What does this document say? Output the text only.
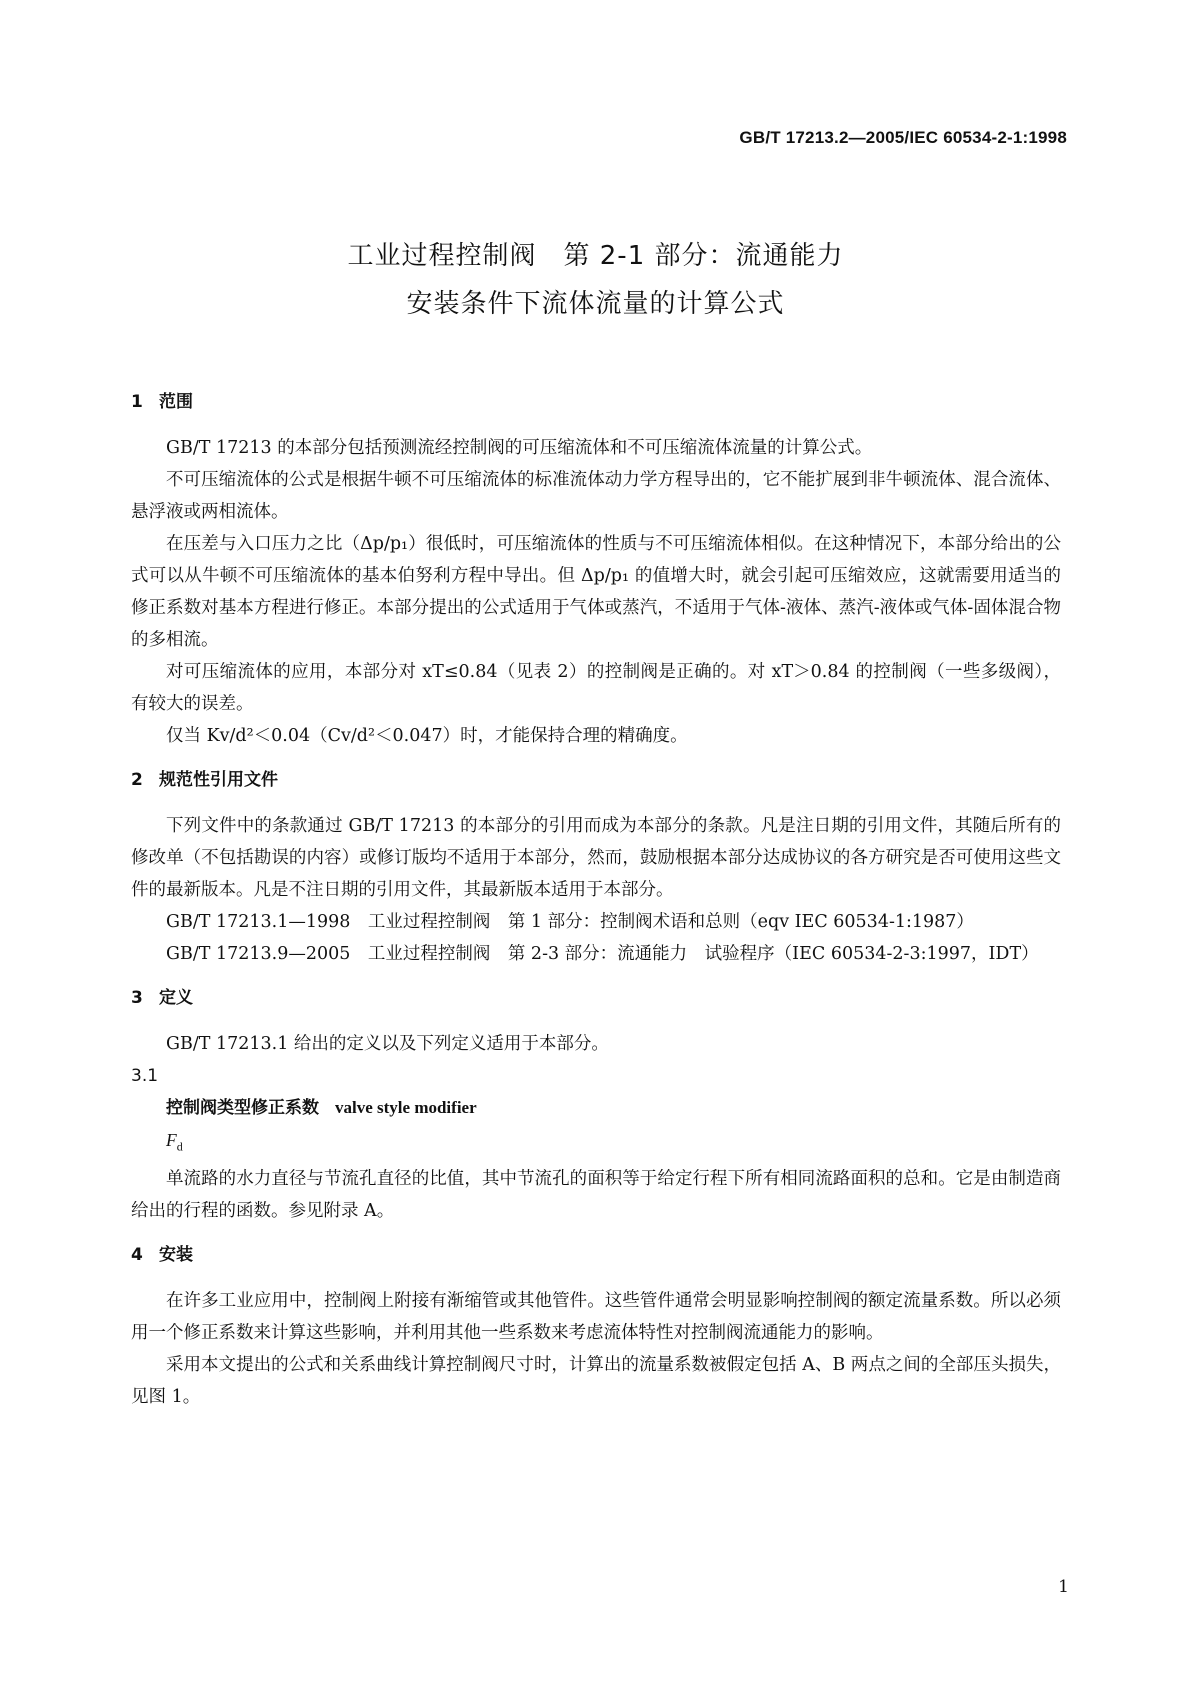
GB/T 17213.2—2005/IEC 60534-2-1:1998
工业过程控制阀　第 2-1 部分：流通能力
安装条件下流体流量的计算公式
1 范围

GB/T 17213 的本部分包括预测流经控制阀的可压缩流体和不可压缩流体流量的计算公式。

不可压缩流体的公式是根据牛顿不可压缩流体的标准流体动力学方程导出的，它不能扩展到非牛顿流体、混合流体、悬浮液或两相流体。

在压差与入口压力之比（Δp/p₁）很低时，可压缩流体的性质与不可压缩流体相似。在这种情况下，本部分给出的公式可以从牛顿不可压缩流体的基本伯努利方程中导出。但 Δp/p₁ 的值增大时，就会引起可压缩效应，这就需要用适当的修正系数对基本方程进行修正。本部分提出的公式适用于气体或蒸汽，不适用于气体-液体、蒸汽-液体或气体-固体混合物的多相流。

对可压缩流体的应用，本部分对 xT≤0.84（见表 2）的控制阀是正确的。对 xT＞0.84 的控制阀（一些多级阀），有较大的误差。

仅当 Kv/d²＜0.04（Cv/d²＜0.047）时，才能保持合理的精确度。

2 规范性引用文件

下列文件中的条款通过 GB/T 17213 的本部分的引用而成为本部分的条款。凡是注日期的引用文件，其随后所有的修改单（不包括勘误的内容）或修订版均不适用于本部分，然而，鼓励根据本部分达成协议的各方研究是否可使用这些文件的最新版本。凡是不注日期的引用文件，其最新版本适用于本部分。

GB/T 17213.1—1998　工业过程控制阀　第 1 部分：控制阀术语和总则（eqv IEC 60534-1:1987）

GB/T 17213.9—2005　工业过程控制阀　第 2-3 部分：流通能力　试验程序（IEC 60534-2-3:1997，IDT）

3 定义

GB/T 17213.1 给出的定义以及下列定义适用于本部分。

3.1
控制阀类型修正系数 valve style modifier
$F_d$

单流路的水力直径与节流孔直径的比值，其中节流孔的面积等于给定行程下所有相同流路面积的总和。它是由制造商给出的行程的函数。参见附录 A。

4 安装

在许多工业应用中，控制阀上附接有渐缩管或其他管件。这些管件通常会明显影响控制阀的额定流量系数。所以必须用一个修正系数来计算这些影响，并利用其他一些系数来考虑流体特性对控制阀流通能力的影响。

采用本文提出的公式和关系曲线计算控制阀尺寸时，计算出的流量系数被假定包括 A、B 两点之间的全部压头损失，见图 1。

1
